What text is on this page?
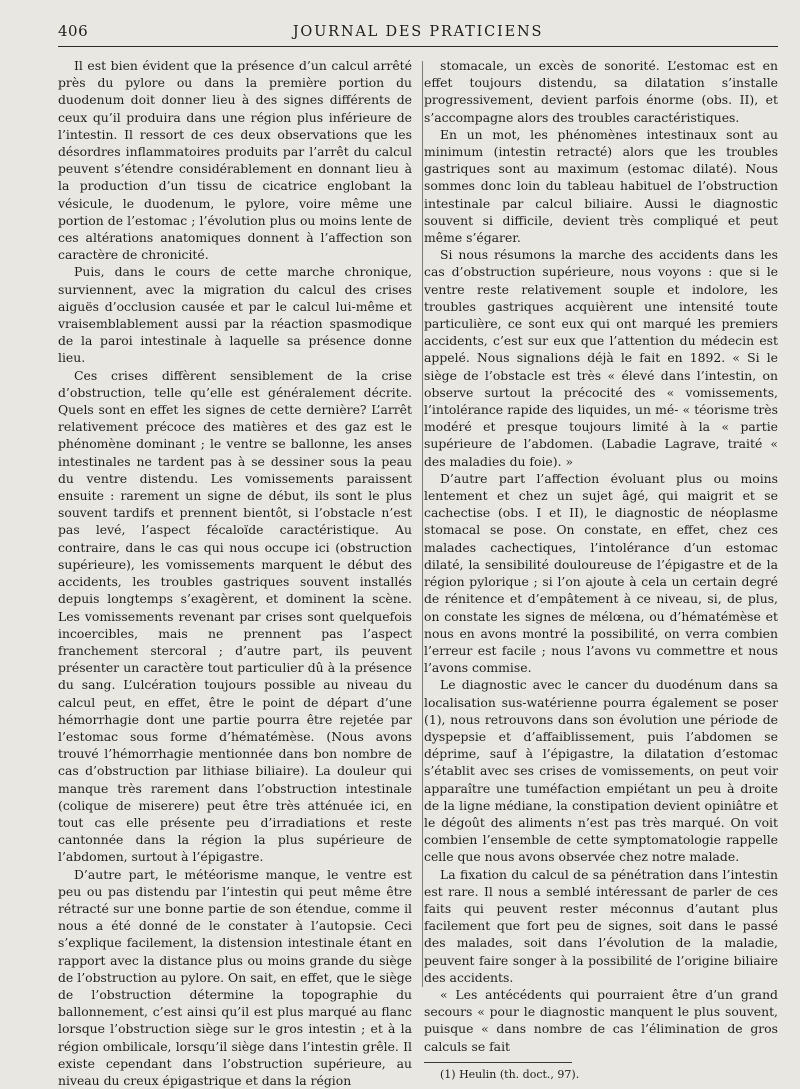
406	JOURNAL DES PRATICIENS

Il est bien évident que la présence d’un calcul arrêté près du pylore ou dans la première portion du duodenum doit donner lieu à des signes différents de ceux qu’il produira dans une région plus inférieure de l’intestin. Il ressort de ces deux observations que les désordres inflammatoires produits par l’arrêt du calcul peuvent s’étendre considérablement en donnant lieu à la production d’un tissu de cicatrice englobant la vésicule, le duodenum, le pylore, voire même une portion de l’estomac ; l’évolution plus ou moins lente de ces altérations anatomiques donnent à l’affection son caractère de chronicité.

Puis, dans le cours de cette marche chronique, surviennent, avec la migration du calcul des crises aiguës d’occlusion causée et par le calcul lui-même et vraisemblablement aussi par la réaction spasmodique de la paroi intestinale à laquelle sa présence donne lieu.

Ces crises diffèrent sensiblement de la crise d’obstruction, telle qu’elle est généralement décrite. Quels sont en effet les signes de cette dernière? L’arrêt relativement précoce des matières et des gaz est le phénomène dominant ; le ventre se ballonne, les anses intestinales ne tardent pas à se dessiner sous la peau du ventre distendu. Les vomissements paraissent ensuite : rarement un signe de début, ils sont le plus souvent tardifs et prennent bientôt, si l’obstacle n’est pas levé, l’aspect fécaloïde caractéristique. Au contraire, dans le cas qui nous occupe ici (obstruction supérieure), les vomissements marquent le début des accidents, les troubles gastriques souvent installés depuis longtemps s’exagèrent, et dominent la scène. Les vomissements revenant par crises sont quelquefois incoercibles, mais ne prennent pas l’aspect franchement stercoral ; d’autre part, ils peuvent présenter un caractère tout particulier dû à la présence du sang. L’ulcération toujours possible au niveau du calcul peut, en effet, être le point de départ d’une hémorrhagie dont une partie pourra être rejetée par l’estomac sous forme d’hématémèse. (Nous avons trouvé l’hémorrhagie mentionnée dans bon nombre de cas d’obstruction par lithiase biliaire). La douleur qui manque très rarement dans l’obstruction intestinale (colique de miserere) peut être très atténuée ici, en tout cas elle présente peu d’irradiations et reste cantonnée dans la région la plus supérieure de l’abdomen, surtout à l’épigastre.

D’autre part, le météorisme manque, le ventre est peu ou pas distendu par l’intestin qui peut même être rétracté sur une bonne partie de son étendue, comme il nous a été donné de le constater à l’autopsie. Ceci s’explique facilement, la distension intestinale étant en rapport avec la distance plus ou moins grande du siège de l’obstruction au pylore. On sait, en effet, que le siège de l’obstruction détermine la topographie du ballonnement, c’est ainsi qu’il est plus marqué au flanc lorsque l’obstruction siège sur le gros intestin ; et à la région ombilicale, lorsqu’il siège dans l’intestin grêle. Il existe cependant dans l’obstruction supérieure, au niveau du creux épigastrique et dans la région

stomacale, un excès de sonorité. L’estomac est en effet toujours distendu, sa dilatation s’installe progressivement, devient parfois énorme (obs. II), et s’accompagne alors des troubles caractéristiques.

En un mot, les phénomènes intestinaux sont au minimum (intestin retracté) alors que les troubles gastriques sont au maximum (estomac dilaté). Nous sommes donc loin du tableau habituel de l’obstruction intestinale par calcul biliaire. Aussi le diagnostic souvent si difficile, devient très compliqué et peut même s’égarer.

Si nous résumons la marche des accidents dans les cas d’obstruction supérieure, nous voyons : que si le ventre reste relativement souple et indolore, les troubles gastriques acquièrent une intensité toute particulière, ce sont eux qui ont marqué les premiers accidents, c’est sur eux que l’attention du médecin est appelé. Nous signalions déjà le fait en 1892. « Si le siège de l’obstacle est très « élevé dans l’intestin, on observe surtout la précocité des « vomissements, l’intolérance rapide des liquides, un mé- « téorisme très modéré et presque toujours limité à la « partie supérieure de l’abdomen. (Labadie Lagrave, traité « des maladies du foie). »

D’autre part l’affection évoluant plus ou moins lentement et chez un sujet âgé, qui maigrit et se cachectise (obs. I et II), le diagnostic de néoplasme stomacal se pose. On constate, en effet, chez ces malades cachectiques, l’intolérance d’un estomac dilaté, la sensibilité douloureuse de l’épigastre et de la région pylorique ; si l’on ajoute à cela un certain degré de rénitence et d’empâtement à ce niveau, si, de plus, on constate les signes de mélœna, ou d’hématémèse et nous en avons montré la possibilité, on verra combien l’erreur est facile ; nous l’avons vu commettre et nous l’avons commise.

Le diagnostic avec le cancer du duodénum dans sa localisation sus-watérienne pourra également se poser (1), nous retrouvons dans son évolution une période de dyspepsie et d’affaiblissement, puis l’abdomen se déprime, sauf à l’épigastre, la dilatation d’estomac s’établit avec ses crises de vomissements, on peut voir apparaître une tuméfaction empiétant un peu à droite de la ligne médiane, la constipation devient opiniâtre et le dégoût des aliments n’est pas très marqué. On voit combien l’ensemble de cette symptomatologie rappelle celle que nous avons observée chez notre malade.

La fixation du calcul de sa pénétration dans l’intestin est rare. Il nous a semblé intéressant de parler de ces faits qui peuvent rester méconnus d’autant plus facilement que fort peu de signes, soit dans le passé des malades, soit dans l’évolution de la maladie, peuvent faire songer à la possibilité de l’origine biliaire des accidents.

« Les antécédents qui pourraient être d’un grand secours « pour le diagnostic manquent le plus souvent, puisque « dans nombre de cas l’élimination de gros calculs se fait

(1) Heulin (th. doct., 97).
